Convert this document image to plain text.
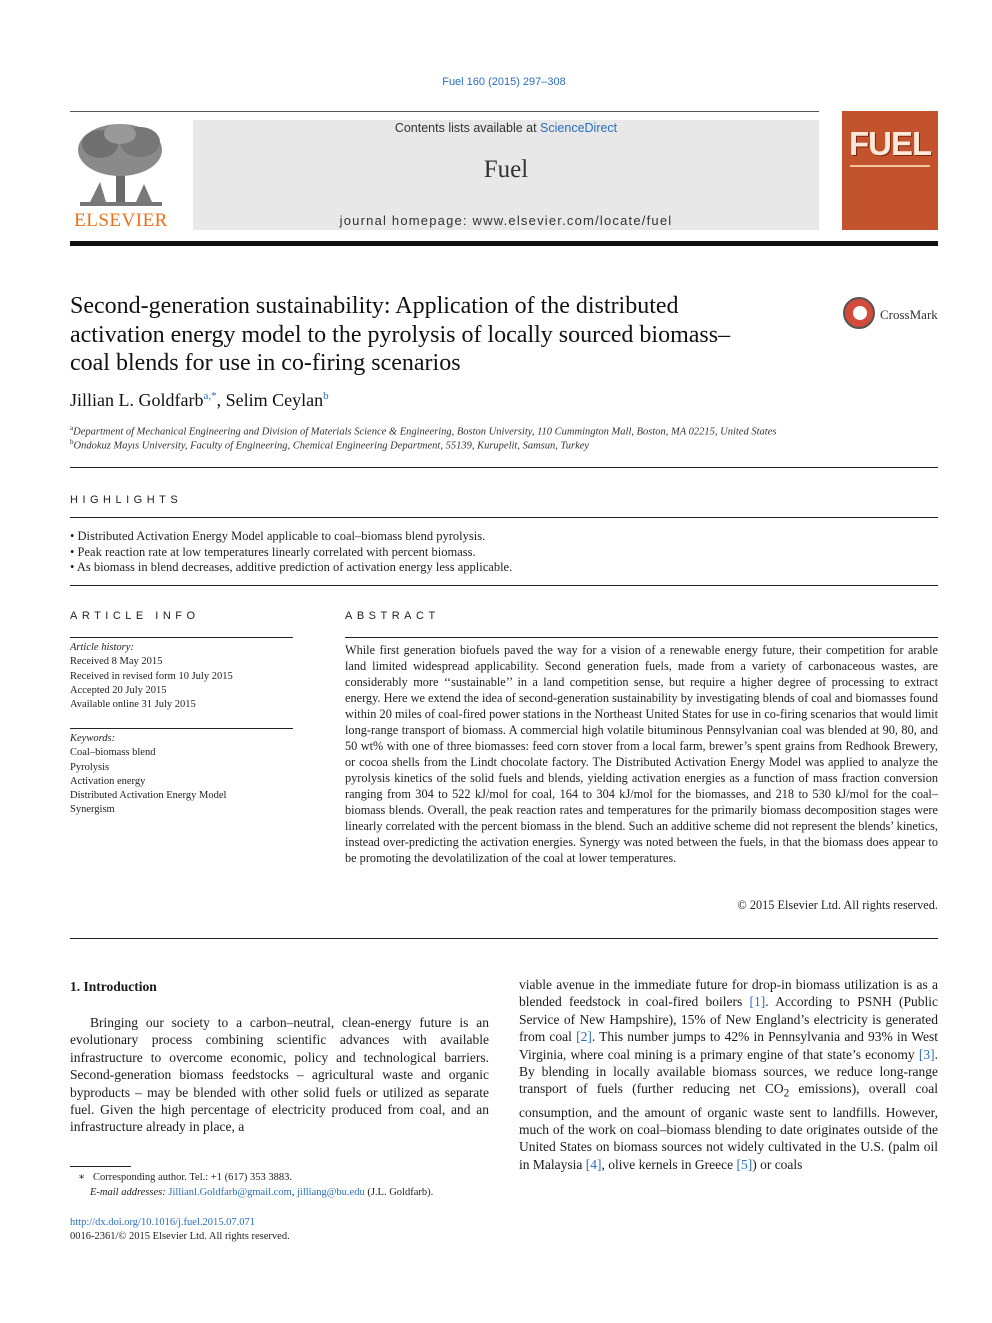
Fuel 160 (2015) 297–308
ELSEVIER
Contents lists available at ScienceDirect
Fuel
journal homepage: www.elsevier.com/locate/fuel
FUEL
Second-generation sustainability: Application of the distributed activation energy model to the pyrolysis of locally sourced biomass–coal blends for use in co-firing scenarios
CrossMark
Jillian L. Goldfarb$^{a,*}$, Selim Ceylan$^b$
$^a$Department of Mechanical Engineering and Division of Materials Science & Engineering, Boston University, 110 Cummington Mall, Boston, MA 02215, United States
$^b$Ondokuz Mayıs University, Faculty of Engineering, Chemical Engineering Department, 55139, Kurupelit, Samsun, Turkey
HIGHLIGHTS
• Distributed Activation Energy Model applicable to coal–biomass blend pyrolysis.
• Peak reaction rate at low temperatures linearly correlated with percent biomass.
• As biomass in blend decreases, additive prediction of activation energy less applicable.
ARTICLE INFO
Article history:
Received 8 May 2015
Received in revised form 10 July 2015
Accepted 20 July 2015
Available online 31 July 2015
Keywords:
Coal–biomass blend
Pyrolysis
Activation energy
Distributed Activation Energy Model
Synergism
ABSTRACT
While first generation biofuels paved the way for a vision of a renewable energy future, their competition for arable land limited widespread applicability. Second generation fuels, made from a variety of carbonaceous wastes, are considerably more ‘‘sustainable’’ in a land competition sense, but require a higher degree of processing to extract energy. Here we extend the idea of second-generation sustainability by investigating blends of coal and biomasses found within 20 miles of coal-fired power stations in the Northeast United States for use in co-firing scenarios that would limit long-range transport of biomass. A commercial high volatile bituminous Pennsylvanian coal was blended at 90, 80, and 50 wt% with one of three biomasses: feed corn stover from a local farm, brewer’s spent grains from Redhook Brewery, or cocoa shells from the Lindt chocolate factory. The Distributed Activation Energy Model was applied to analyze the pyrolysis kinetics of the solid fuels and blends, yielding activation energies as a function of mass fraction conversion ranging from 304 to 522 kJ/mol for coal, 164 to 304 kJ/mol for the biomasses, and 218 to 530 kJ/mol for the coal–biomass blends. Overall, the peak reaction rates and temperatures for the primarily biomass decomposition stages were linearly correlated with the percent biomass in the blend. Such an additive scheme did not represent the blends’ kinetics, instead over-predicting the activation energies. Synergy was noted between the fuels, in that the biomass does appear to be promoting the devolatilization of the coal at lower temperatures.
© 2015 Elsevier Ltd. All rights reserved.
1. Introduction
Bringing our society to a carbon–neutral, clean-energy future is an evolutionary process combining scientific advances with available infrastructure to overcome economic, policy and technological barriers. Second-generation biomass feedstocks – agricultural waste and organic byproducts – may be blended with other solid fuels or utilized as separate fuel. Given the high percentage of electricity produced from coal, and an infrastructure already in place, a
viable avenue in the immediate future for drop-in biomass utilization is as a blended feedstock in coal-fired boilers [1]. According to PSNH (Public Service of New Hampshire), 15% of New England’s electricity is generated from coal [2]. This number jumps to 42% in Pennsylvania and 93% in West Virginia, where coal mining is a primary engine of that state’s economy [3]. By blending in locally available biomass sources, we reduce long-range transport of fuels (further reducing net $CO_2$ emissions), overall coal consumption, and the amount of organic waste sent to landfills. However, much of the work on coal–biomass blending to date originates outside of the United States on biomass sources not widely cultivated in the U.S. (palm oil in Malaysia [4], olive kernels in Greece [5]) or coals
∗ Corresponding author. Tel.: +1 (617) 353 3883.
E-mail addresses: Jillianl.Goldfarb@gmail.com, jilliang@bu.edu (J.L. Goldfarb).
http://dx.doi.org/10.1016/j.fuel.2015.07.071
0016-2361/© 2015 Elsevier Ltd. All rights reserved.
